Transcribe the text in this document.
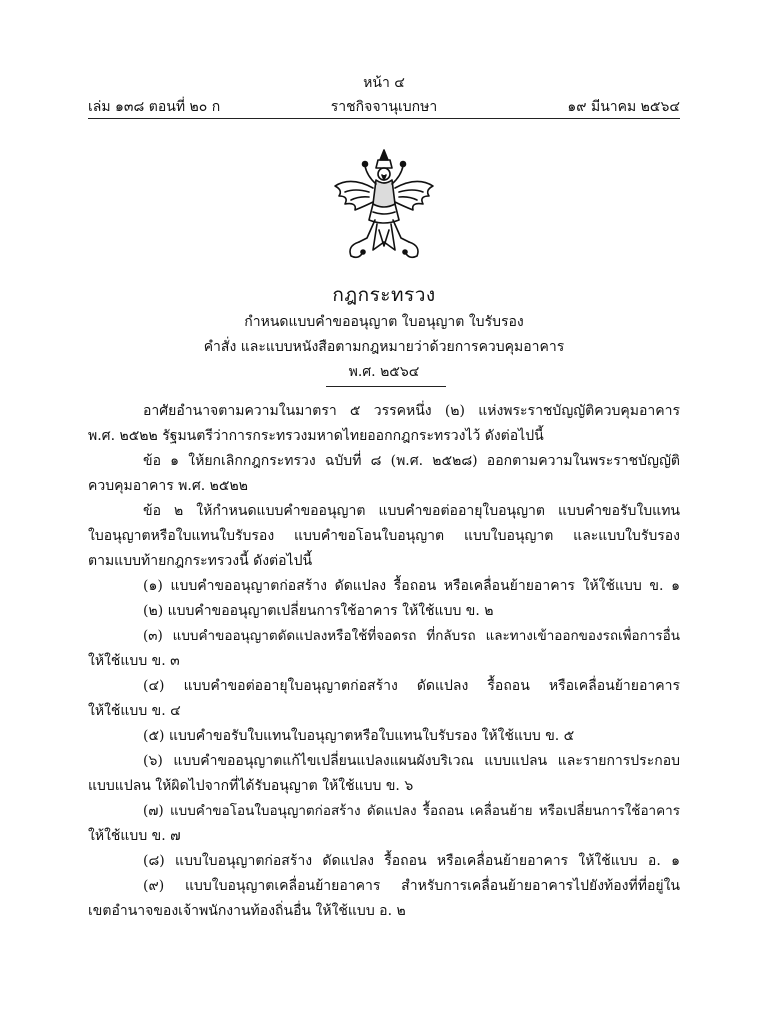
หน้า ๔
เล่ม ๑๓๘ ตอนที่ ๒๐ ก	ราชกิจจานุเบกษา	๑๙ มีนาคม ๒๕๖๔
กฎกระทรวง
กำหนดแบบคำขออนุญาต ใบอนุญาต ใบรับรอง
คำสั่ง และแบบหนังสือตามกฎหมายว่าด้วยการควบคุมอาคาร
พ.ศ. ๒๕๖๔
อาศัยอำนาจตามความในมาตรา ๕ วรรคหนึ่ง (๒) แห่งพระราชบัญญัติควบคุมอาคาร
พ.ศ. ๒๕๒๒ รัฐมนตรีว่าการกระทรวงมหาดไทยออกกฎกระทรวงไว้ ดังต่อไปนี้
ข้อ ๑ ให้ยกเลิกกฎกระทรวง ฉบับที่ ๘ (พ.ศ. ๒๕๒๘) ออกตามความในพระราชบัญญัติ
ควบคุมอาคาร พ.ศ. ๒๕๒๒
ข้อ ๒ ให้กำหนดแบบคำขออนุญาต แบบคำขอต่ออายุใบอนุญาต แบบคำขอรับใบแทน
ใบอนุญาตหรือใบแทนใบรับรอง แบบคำขอโอนใบอนุญาต แบบใบอนุญาต และแบบใบรับรอง
ตามแบบท้ายกฎกระทรวงนี้ ดังต่อไปนี้
(๑) แบบคำขออนุญาตก่อสร้าง ดัดแปลง รื้อถอน หรือเคลื่อนย้ายอาคาร ให้ใช้แบบ ข. ๑
(๒) แบบคำขออนุญาตเปลี่ยนการใช้อาคาร ให้ใช้แบบ ข. ๒
(๓) แบบคำขออนุญาตดัดแปลงหรือใช้ที่จอดรถ ที่กลับรถ และทางเข้าออกของรถเพื่อการอื่น
ให้ใช้แบบ ข. ๓
(๔) แบบคำขอต่ออายุใบอนุญาตก่อสร้าง ดัดแปลง รื้อถอน หรือเคลื่อนย้ายอาคาร
ให้ใช้แบบ ข. ๔
(๕) แบบคำขอรับใบแทนใบอนุญาตหรือใบแทนใบรับรอง ให้ใช้แบบ ข. ๕
(๖) แบบคำขออนุญาตแก้ไขเปลี่ยนแปลงแผนผังบริเวณ แบบแปลน และรายการประกอบ
แบบแปลน ให้ผิดไปจากที่ได้รับอนุญาต ให้ใช้แบบ ข. ๖
(๗) แบบคำขอโอนใบอนุญาตก่อสร้าง ดัดแปลง รื้อถอน เคลื่อนย้าย หรือเปลี่ยนการใช้อาคาร
ให้ใช้แบบ ข. ๗
(๘) แบบใบอนุญาตก่อสร้าง ดัดแปลง รื้อถอน หรือเคลื่อนย้ายอาคาร ให้ใช้แบบ อ. ๑
(๙) แบบใบอนุญาตเคลื่อนย้ายอาคาร สำหรับการเคลื่อนย้ายอาคารไปยังท้องที่ที่อยู่ใน
เขตอำนาจของเจ้าพนักงานท้องถิ่นอื่น ให้ใช้แบบ อ. ๒
